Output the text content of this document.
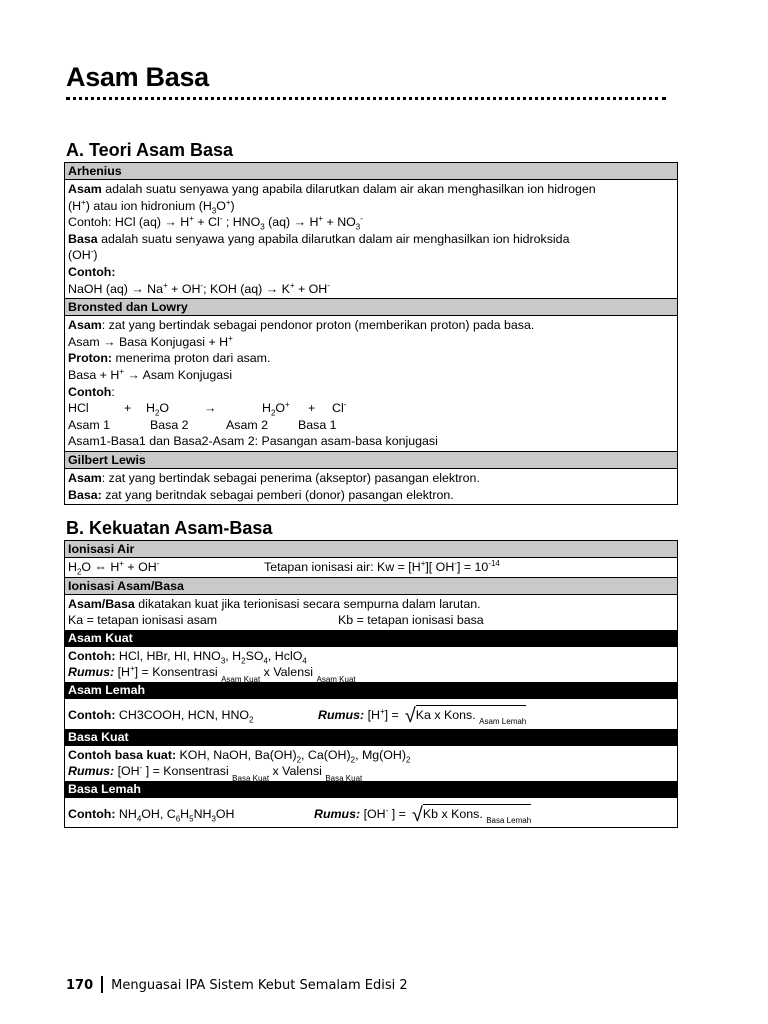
Asam Basa
A. Teori Asam Basa
Arhenius
Asam adalah suatu senyawa yang apabila dilarutkan dalam air akan menghasilkan ion hidrogen
(H+) atau ion hidronium $(H_3O^+)$
Contoh: HCl (aq) → H+ + Cl- ; $HNO_3$ $(aq) \to H^+ + NO_3^-$
Basa adalah suatu senyawa yang apabila dilarutkan dalam air menghasilkan ion hidroksida
(OH-)
Contoh:
NaOH (aq) → Na+ + OH-; KOH (aq) → K+ + OH-
Bronsted dan Lowry
Asam: zat yang bertindak sebagai pendonor proton (memberikan proton) pada basa.
Asam → Basa Konjugasi + H+
Proton: menerima proton dari asam.
Basa + H+ → Asam Konjugasi
Contoh:
HCl	+ $H_2O$	→	$H_2O^+ + Cl^-$
Asam 1	Basa 2	Asam 2 Basa 1
Asam1-Basa1 dan Basa2-Asam 2: Pasangan asam-basa konjugasi
Gilbert Lewis
Asam: zat yang bertindak sebagai penerima (akseptor) pasangan elektron.
Basa: zat yang beritndak sebagai pemberi (donor) pasangan elektron.
B. Kekuatan Asam-Basa
Ionisasi Air
$H_2O$ ⇔ H+ + OH-	Tetapan ionisasi air: Kw = [H+][ $OH^-] = 10^{-14}$
Ionisasi Asam/Basa
Asam/Basa dikatakan kuat jika terionisasi secara sempurna dalam larutan.
Ka = tetapan ionisasi asam	Kb = tetapan ionisasi basa
Asam Kuat
Contoh: HCl, HBr, HI, $HNO_3$, $H_2SO_4$, HclO$_4$
Rumus: [H+] = Konsentrasi $_{Asam Kuat}$ x Valensi $_{Asam Kuat}$
Asam Lemah
Contoh: CH3COOH, HCN, $HNO_2$	Rumus: [H+] = √Ka x Kons. $_{Asam Lemah}$
Basa Kuat
Contoh basa kuat: KOH, NaOH, $Ba(OH)_2$, $Ca(OH)_2$, $Mg(OH)_2$
Rumus: [OH- ] = Konsentrasi $_{Basa Kuat}$ x Valensi $_{Basa Kuat}$
Basa Lemah
Contoh: $NH_4OH$, $C_6H_5NH_3OH$	Rumus: [OH- ] = √Kb x Kons. $_{Basa Lemah}$
170 Menguasai IPA Sistem Kebut Semalam Edisi 2
